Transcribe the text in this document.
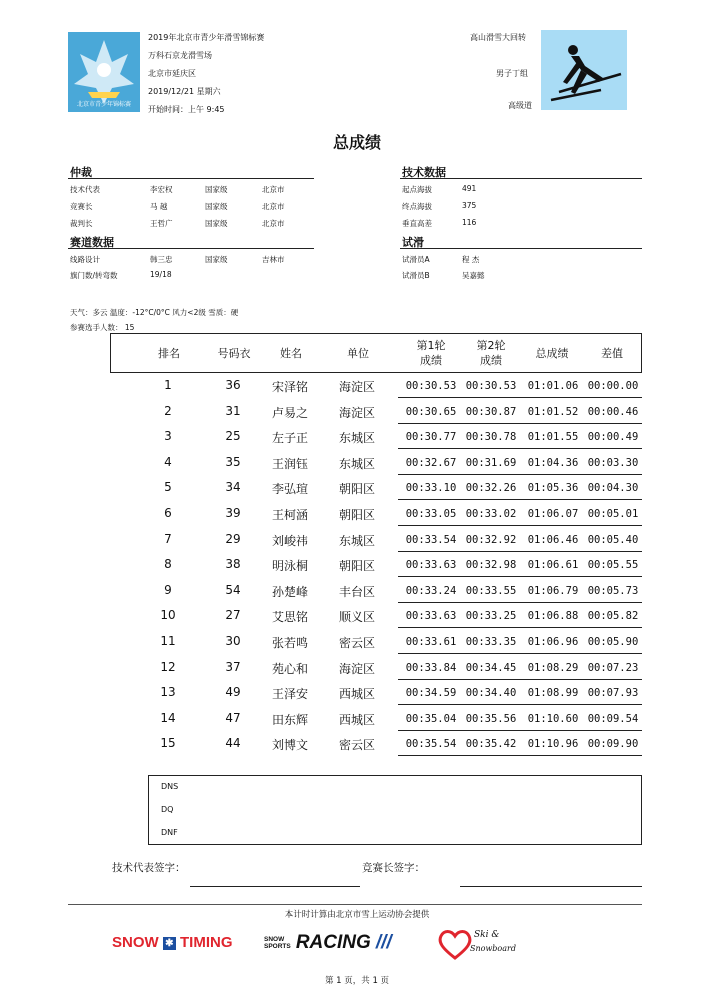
北京市青少年锦标赛
2019年北京市青少年滑雪锦标赛
万科石京龙滑雪场
北京市延庆区
2019/12/21 星期六
开始时间：上午 9:45
高山滑雪大回转
男子丁组
高级道
总成绩
仲裁
技术代表	李宏权	国家级	北京市
竞赛长	马 越	国家级	北京市
裁判长	王哲广	国家级	北京市
赛道数据
线路设计	韩三忠	国家级	吉林市
旗门数/转弯数	19/18
技术数据
起点海拔	491
终点海拔	375
垂直高差	116
试滑
试滑员A	程 杰
试滑员B	吴嘉懿
天气：多云 温度：-12°C/0°C 风力<2级 雪质：硬
参赛选手人数： 15
排名	号码衣	姓名	单位
第1轮
成绩
第2轮
成绩
总成绩	差值
1	36	宋泽铭	海淀区	00:30.53 00:30.53	01:01.06 00:00.00
2	31	卢易之	海淀区	00:30.65 00:30.87	01:01.52 00:00.46
3	25	左子正	东城区	00:30.77 00:30.78	01:01.55 00:00.49
4	35	王润钰	东城区	00:32.67 00:31.69	01:04.36 00:03.30
5	34	李弘瑄	朝阳区	00:33.10 00:32.26	01:05.36 00:04.30
6	39	王柯涵	朝阳区	00:33.05 00:33.02	01:06.07 00:05.01
7	29	刘峻祎	东城区	00:33.54 00:32.92	01:06.46 00:05.40
8	38	明泳桐	朝阳区	00:33.63 00:32.98	01:06.61 00:05.55
9	54	孙楚峰	丰台区	00:33.24 00:33.55	01:06.79 00:05.73
10	27	艾思铭	顺义区	00:33.63 00:33.25	01:06.88 00:05.82
11	30	张若鸣	密云区	00:33.61 00:33.35	01:06.96 00:05.90
12	37	苑心和	海淀区	00:33.84 00:34.45	01:08.29 00:07.23
13	49	王泽安	西城区	00:34.59 00:34.40	01:08.99 00:07.93
14	47	田东辉	西城区	00:35.04 00:35.56	01:10.60 00:09.54
15	44	刘博文	密云区	00:35.54 00:35.42	01:10.96 00:09.90
DNS
DQ
DNF
技术代表签字：	竞赛长签字：
本计时计算由北京市雪上运动协会提供
SNOW ✱ TIMING	SNOW
SPORTS RACING ///	Ski &
Snowboard
第 1 页，共 1 页
